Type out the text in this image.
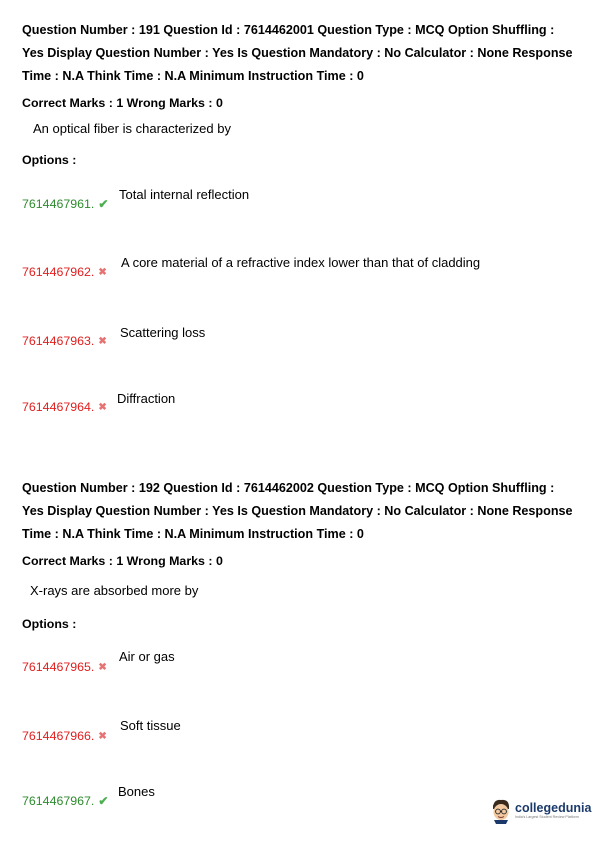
Question Number : 191 Question Id : 7614462001 Question Type : MCQ Option Shuffling : Yes Display Question Number : Yes Is Question Mandatory : No Calculator : None Response Time : N.A Think Time : N.A Minimum Instruction Time : 0
Correct Marks : 1 Wrong Marks : 0
An optical fiber is characterized by
Options :
7614467961. ✔
Total internal reflection
7614467962. ✖
A core material of a refractive index lower than that of cladding
7614467963. ✖
Scattering loss
7614467964. ✖
Diffraction
Question Number : 192 Question Id : 7614462002 Question Type : MCQ Option Shuffling : Yes Display Question Number : Yes Is Question Mandatory : No Calculator : None Response Time : N.A Think Time : N.A Minimum Instruction Time : 0
Correct Marks : 1 Wrong Marks : 0
X-rays are absorbed more by
Options :
7614467965. ✖
Air or gas
7614467966. ✖
Soft tissue
7614467967. ✔
Bones
collegedunia
India's Largest Student Review Platform
